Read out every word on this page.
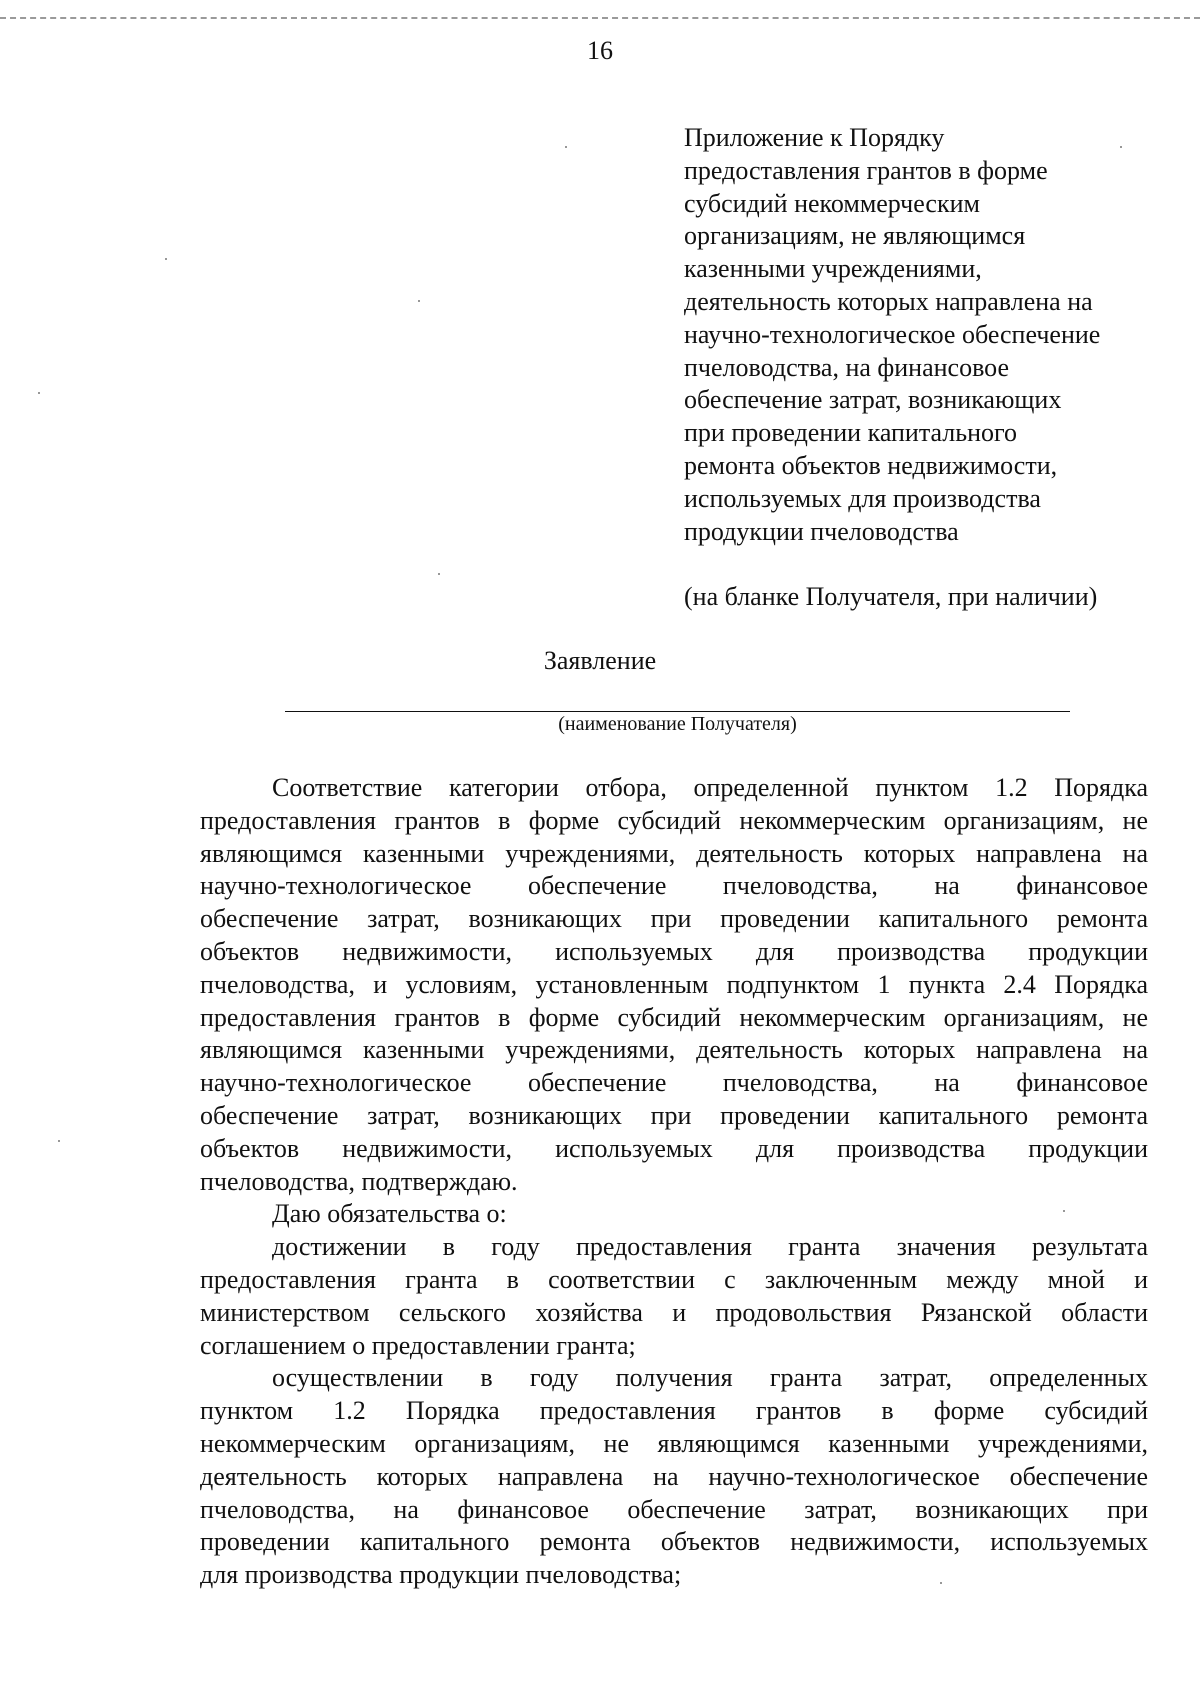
16
Приложение к Порядку
предоставления грантов в форме
субсидий некоммерческим
организациям, не являющимся
казенными учреждениями,
деятельность которых направлена на
научно-технологическое обеспечение
пчеловодства, на финансовое
обеспечение затрат, возникающих
при проведении капитального
ремонта объектов недвижимости,
используемых для производства
продукции пчеловодства
(на бланке Получателя, при наличии)
Заявление
(наименование Получателя)
Соответствие категории отбора, определенной пунктом 1.2 Порядка
предоставления грантов в форме субсидий некоммерческим организациям, не
являющимся казенными учреждениями, деятельность которых направлена на
научно-технологическое обеспечение пчеловодства, на финансовое
обеспечение затрат, возникающих при проведении капитального ремонта
объектов недвижимости, используемых для производства продукции
пчеловодства, и условиям, установленным подпунктом 1 пункта 2.4 Порядка
предоставления грантов в форме субсидий некоммерческим организациям, не
являющимся казенными учреждениями, деятельность которых направлена на
научно-технологическое обеспечение пчеловодства, на финансовое
обеспечение затрат, возникающих при проведении капитального ремонта
объектов недвижимости, используемых для производства продукции
пчеловодства, подтверждаю.
Даю обязательства о:
достижении в году предоставления гранта значения результата
предоставления гранта в соответствии с заключенным между мной и
министерством сельского хозяйства и продовольствия Рязанской области
соглашением о предоставлении гранта;
осуществлении в году получения гранта затрат, определенных
пунктом 1.2 Порядка предоставления грантов в форме субсидий
некоммерческим организациям, не являющимся казенными учреждениями,
деятельность которых направлена на научно-технологическое обеспечение
пчеловодства, на финансовое обеспечение затрат, возникающих при
проведении капитального ремонта объектов недвижимости, используемых
для производства продукции пчеловодства;
